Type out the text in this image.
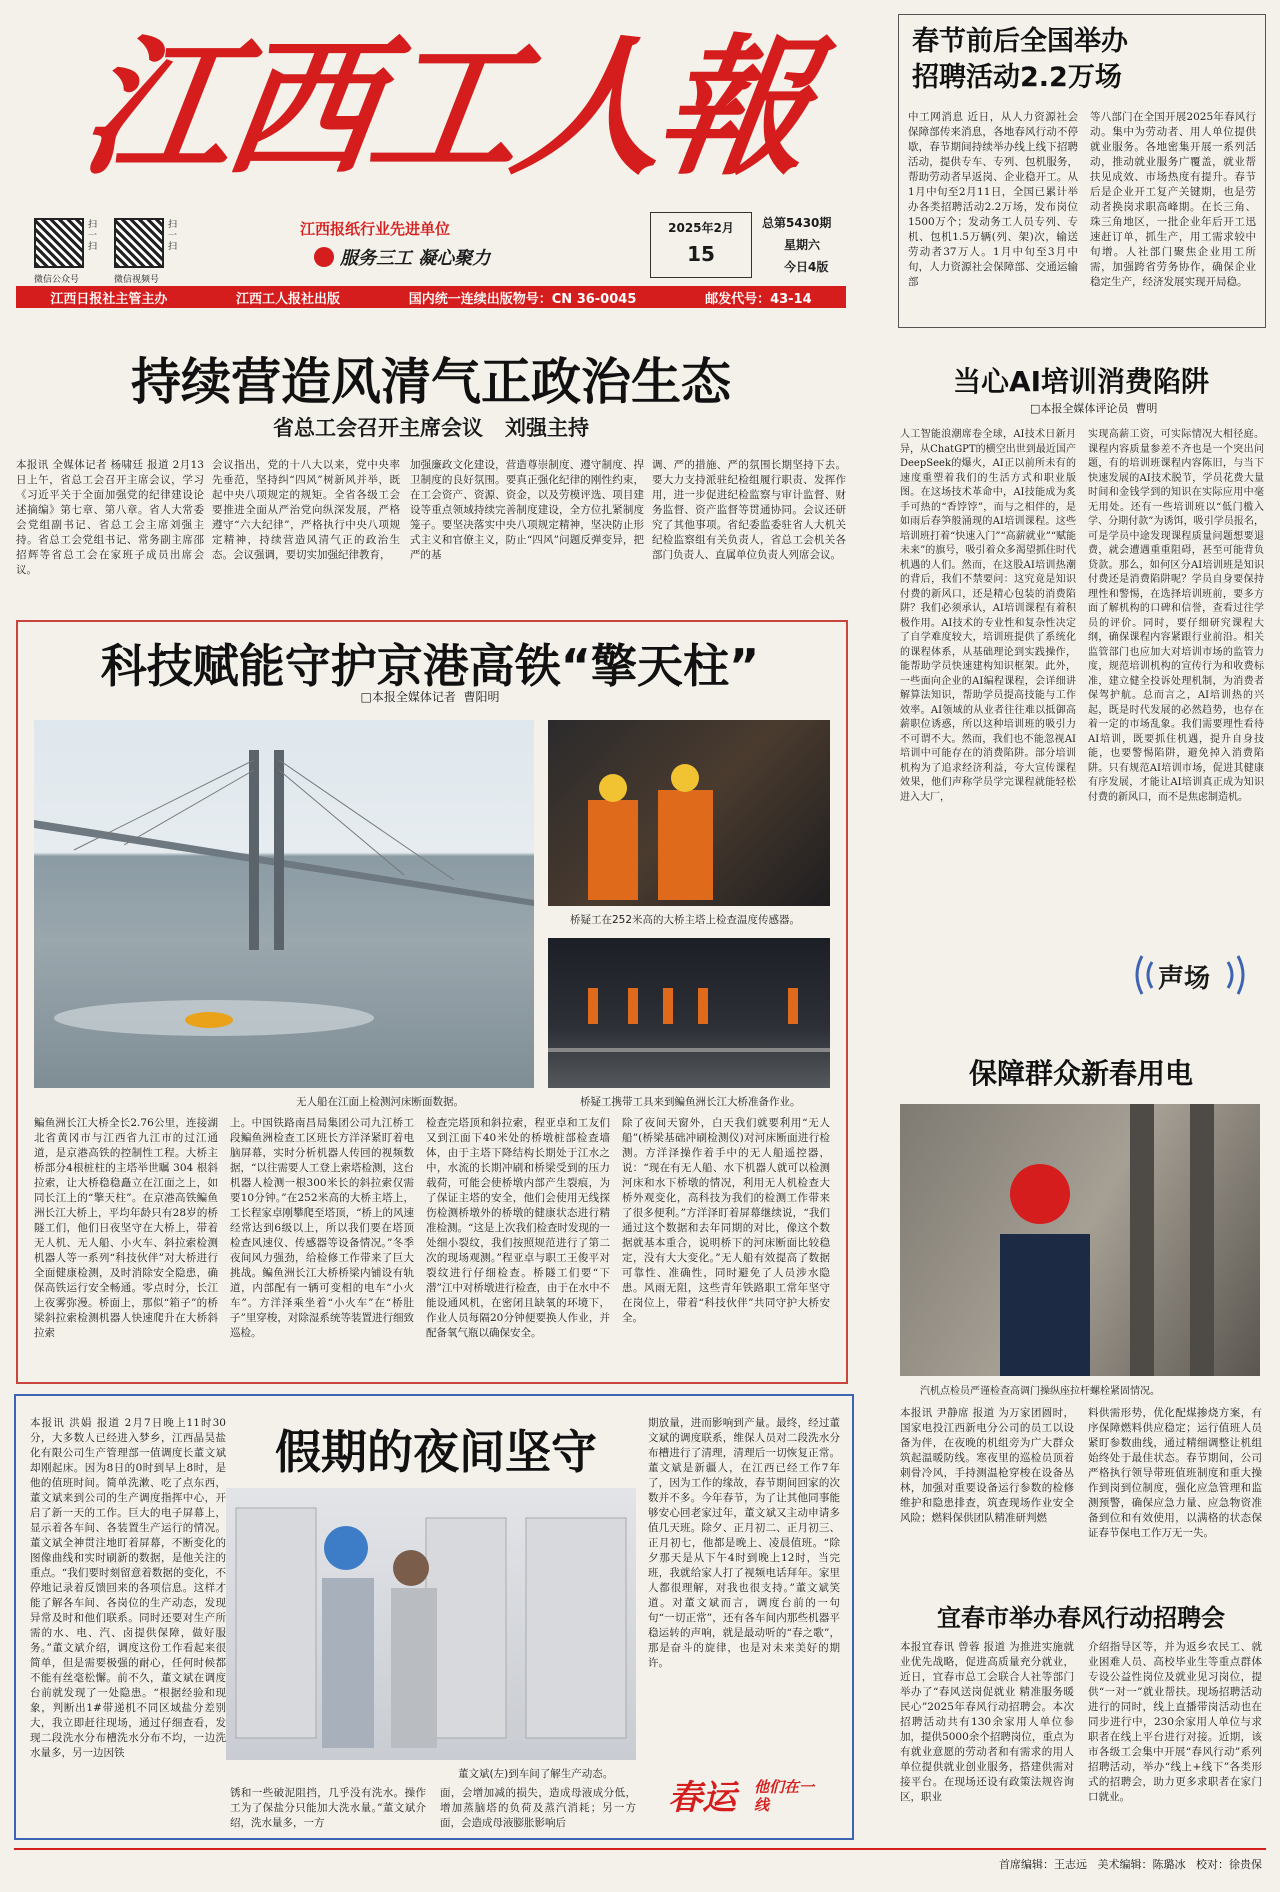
江西工人報
微信公众号
扫一扫
微信视频号
扫一扫
江西报纸行业先进单位
服务三工 凝心聚力
2025年2月
15
总第5430期
星期六
今日4版
江西日报社主管主办	江西工人报社出版	国内统一连续出版物号：CN 36-0045	邮发代号：43-14
持续营造风清气正政治生态
省总工会召开主席会议   刘强主持
本报讯 全媒体记者 杨啸廷 报道 2月13日上午，省总工会召开主席会议，学习《习近平关于全面加强党的纪律建设论述摘编》第七章、第八章。省人大常委会党组副书记、省总工会主席刘强主持。省总工会党组书记、常务副主席邵招辉等省总工会在家班子成员出席会议。
会议指出，党的十八大以来，党中央率先垂范，坚持纠“四风”树新风并举，既起中央八项规定的规矩。全省各级工会要推进全面从严治党向纵深发展，严格遵守“六大纪律”，严格执行中央八项规定精神，持续营造风清气正的政治生态。会议强调，要切实加强纪律教育，
加强廉政文化建设，营造尊崇制度、遵守制度、捍卫制度的良好氛围。要真正强化纪律的刚性约束，在工会资产、资源、资金，以及劳模评选、项目建设等重点领域持续完善制度建设，全方位扎紧制度笼子。要坚决落实中央八项规定精神，坚决防止形式主义和官僚主义，防止“四风”问题反弹变异，把严的基
调、严的措施、严的氛围长期坚持下去。要大力支持派驻纪检组履行职责、发挥作用，进一步促进纪检监察与审计监督、财务监督、资产监督等贯通协同。会议还研究了其他事项。省纪委监委驻省人大机关纪检监察组有关负责人，省总工会机关各部门负责人、直属单位负责人列席会议。
科技赋能守护京港高铁“擎天柱”
□本报全媒体记者  曹阳明
桥疑工在252米高的大桥主塔上检查温度传感器。
无人船在江面上检测河床断面数据。	桥疑工携带工具来到鳊鱼洲长江大桥准备作业。
鳊鱼洲长江大桥全长2.76公里，连接湖北省黄冈市与江西省九江市的过江通道，是京港高铁的控制性工程。大桥主桥部分4根桩柱的主塔举世瞩 304 根斜拉索，让大桥稳稳矗立在江面之上，如同长江上的“擎天柱”。在京港高铁鳊鱼洲长江大桥上，平均年龄只有28岁的桥隧工们，他们日夜坚守在大桥上，带着无人机、无人船、小火车、斜拉索检测机器人等一系列“科技伙伴”对大桥进行全面健康检测，及时消除安全隐患，确保高铁运行安全畅通。零点时分，长江上夜雾弥漫。桥面上，那似“箱子”的桥梁斜拉索检测机器人快速爬升在大桥斜拉索
上。中国铁路南昌局集团公司九江桥工段鳊鱼洲检查工区班长方洋泽紧盯着电脑屏幕，实时分析机器人传回的视频数据，“以往需要人工登上索塔检测，这台机器人检测一根300米长的斜拉索仅需要10分钟。”在252米高的大桥主塔上，工长程家卓刚攀爬至塔顶，“桥上的风速经常达到6级以上，所以我们要在塔顶检查风速仪、传感器等设备情况。”冬季夜间风力强劲，给检修工作带来了巨大挑战。鳊鱼洲长江大桥桥梁内铺设有轨道，内部配有一辆可变相的电车“小火车”。方洋泽乘坐着“小火车”在“桥肚子”里穿梭，对除湿系统等装置进行细致巡检。
检查完塔顶和斜拉索，程亚卓和工友们又到江面下40米处的桥墩桩部检查墙体，由于主塔下降结构长期处于江水之中，水流的长期冲刷和桥梁受到的压力载荷，可能会使桥墩内部产生裂痕，为了保证主塔的安全，他们会使用无线探伤检测桥墩外的桥墩的健康状态进行精准检测。“这是上次我们检查时发现的一处细小裂纹，我们按照规范进行了第二次的现场观测。”程亚卓与职工王俊平对裂纹进行仔细检查。桥隧工们要“下潜”江中对桥墩进行检查，由于在水中不能设通风机，在密闭且缺氧的环境下，作业人员每隔20分钟便要换人作业，并配备氧气瓶以确保安全。
除了夜间天窗外，白天我们就要利用“无人船”(桥梁基础冲刷检测仪)对河床断面进行检测。方洋泽操作着手中的无人船遥控器，说：“现在有无人船、水下机器人就可以检测河床和水下桥墩的情况，利用无人机检查大桥外观变化，高科技为我们的检测工作带来了很多便利。”方洋泽盯着屏幕继续说，“我们通过这个数据和去年同期的对比，像这个数据就基本重合，说明桥下的河床断面比较稳定，没有大大变化。”无人船有效提高了数据可靠性、准确性，同时避免了人员涉水隐患。风雨无阻，这些青年铁路职工常年坚守在岗位上，带着“科技伙伴”共同守护大桥安全。
本报讯 洪娟 报道 2月7日晚上11时30分，大多数人已经进入梦乡，江西晶昊盐化有限公司生产管理部一值调度长董文斌却刚起床。因为8日的0时到早上8时，是他的值班时间。简单洗漱、吃了点东西，董文斌来到公司的生产调度指挥中心，开启了新一天的工作。巨大的电子屏幕上，显示着各车间、各装置生产运行的情况。董文斌全神贯注地盯着屏幕，不断变化的图像曲线和实时刷新的数据，是他关注的重点。“我们要时刻留意着数据的变化，不停地记录着反馈回来的各项信息。这样才能了解各车间、各岗位的生产动态，发现异常及时和他们联系。同时还要对生产所需的水、电、汽、卤提供保障，做好服务。”董文斌介绍，调度这份工作看起来很简单，但是需要极强的耐心，任何时候都不能有丝毫松懈。前不久，董文斌在调度台前就发现了一处隐患。“根据经验和现象，判断出1#带递机不同区域盐分差别大，我立即赶往现场，通过仔细查看，发现二段洗水分布槽洗水分布不均，一边洗水量多，另一边因铁
假期的夜间坚守
董文斌(左)到车间了解生产动态。
锈和一些破泥阻挡，几乎没有洗水。操作工为了保盐分只能加大洗水量。”董文斌介绍，洗水量多，一方
面，会增加减的损失，造成母液成分低，增加蒸脑塔的负荷及蒸汽消耗；另一方面，会造成母液膨胀影响后
期放量，进而影响到产量。最终，经过董文斌的调度联系，维保人员对二段洗水分布槽进行了清理，清理后一切恢复正常。董文斌是新疆人，在江西已经工作7年了，因为工作的缘故，春节期间回家的次数并不多。今年春节，为了让其他同事能够安心回老家过年，董文斌又主动申请多值几天班。除夕、正月初二、正月初三、正月初七，他都是晚上、凌晨值班。“除夕那天是从下午4时到晚上12时，当完班，我就给家人打了视频电话拜年。家里人都很理解，对我也很支持。”董文斌笑道。对董文斌而言，调度台前的一句句“一切正常”，还有各车间内那些机器平稳运转的声响，就是最动听的“春之歌”，那是奋斗的旋律，也是对未来美好的期许。
春运 他们在一线
春节前后全国举办招聘活动2.2万场
中工网消息 近日，从人力资源社会保障部传来消息，各地春风行动不停歇，春节期间持续举办线上线下招聘活动，提供专车、专列、包机服务，帮助劳动者早返岗、企业稳开工。从1月中旬至2月11日，全国已累计举办各类招聘活动2.2万场，发布岗位1500万个；发动务工人员专列、专机、包机1.5万辆(列、架)次，输送劳动者37万人。1月中旬至3月中旬，人力资源社会保障部、交通运输部
等八部门在全国开展2025年春风行动。集中为劳动者、用人单位提供就业服务。各地密集开展一系列活动，推动就业服务广覆盖，就业帮扶见成效、市场热度有提升。春节后是企业开工复产关键期，也是劳动者换岗求职高峰期。在长三角、珠三角地区，一批企业年后开工迅速赶订单，抓生产，用工需求较中旬增。人社部门聚焦企业用工所需，加强跨省劳务协作，确保企业稳定生产，经济发展实现开局稳。
当心AI培训消费陷阱
□本报全媒体评论员  曹明
人工智能浪潮席卷全球，AI技术日新月异，从ChatGPT的横空出世到最近国产DeepSeek的爆火，AI正以前所未有的速度重塑着我们的生活方式和职业版图。在这场技术革命中，AI技能成为炙手可热的“香饽饽”，而与之相伴的，是如雨后春笋般涌现的AI培训课程。这些培训班打着“快速入门”“高薪就业”“赋能未来”的旗号，吸引着众多渴望抓住时代机遇的人们。然而，在这股AI培训热潮的背后，我们不禁要问：这究竟是知识付费的新风口，还是精心包装的消费陷阱？我们必须承认，AI培训课程有着积极作用。AI技术的专业性和复杂性决定了自学难度较大，培训班提供了系统化的课程体系，从基础理论到实践操作，能帮助学员快速建构知识框架。此外，一些面向企业的AI编程课程，会详细讲解算法知识，帮助学员提高技能与工作效率。AI领域的从业者往往难以抵御高薪职位诱惑，所以这种培训班的吸引力不可谓不大。然而，我们也不能忽视AI培训中可能存在的消费陷阱。部分培训机构为了追求经济利益，夸大宣传课程效果，他们声称学员学完课程就能轻松进入大厂，
实现高薪工资，可实际情况大相径庭。课程内容质量参差不齐也是一个突出问题，有的培训班课程内容陈旧，与当下快速发展的AI技术脱节，学员花费大量时间和金钱学到的知识在实际应用中毫无用处。还有一些培训班以“低门槛入学、分期付款”为诱饵，吸引学员报名，可是学员中途发现课程质量问题想要退费，就会遭遇重重阻碍，甚至可能背负贷款。那么，如何区分AI培训班是知识付费还是消费陷阱呢？学员自身要保持理性和警惕，在选择培训班前，要多方面了解机构的口碑和信誉，查看过往学员的评价。同时，要仔细研究课程大纲，确保课程内容紧跟行业前沿。相关监管部门也应加大对培训市场的监管力度，规范培训机构的宣传行为和收费标准，建立健全投诉处理机制，为消费者保驾护航。总而言之，AI培训热的兴起，既是时代发展的必然趋势，也存在着一定的市场乱象。我们需要理性看待AI培训，既要抓住机遇，提升自身技能，也要警惕陷阱，避免掉入消费陷阱。只有规范AI培训市场，促进其健康有序发展，才能让AI培训真正成为知识付费的新风口，而不是焦虑制造机。
声场
保障群众新春用电
汽机点检员严谨检查高调门操纵座拉杆螺栓紧固情况。
本报讯 尹静席 报道 为万家团圆时，国家电投江西新电分公司的员工以设备为伴，在夜晚的机组旁为广大群众筑起温暖防线。寒夜里的巡检员顶着刺骨冷风，手持测温枪穿梭在设备丛林，加强对重要设备运行参数的检修维护和隐患排查，筑查现场作业安全风险；燃料保供团队精准研判燃
料供需形势，优化配煤掺烧方案，有序保障燃料供应稳定；运行值班人员紧盯参数曲线，通过精细调整让机组始终处于最佳状态。春节期间，公司严格执行领导带班值班制度和重大操作到岗到位制度，强化应急管理和监测预警，确保应急力量、应急物资准备到位和有效使用，以满格的状态保证春节保电工作万无一失。
宜春市举办春风行动招聘会
本报宜春讯 曾蓉 报道 为推进实施就业优先战略，促进高质量充分就业，近日，宜春市总工会联合人社等部门举办了“春风送岗促就业 精准服务暖民心”2025年春风行动招聘会。本次招聘活动共有130余家用人单位参加，提供5000余个招聘岗位，重点为有就业意愿的劳动者和有需求的用人单位提供就业创业服务，搭建供需对接平台。在现场还设有政策法规咨询区，职业
介绍指导区等，并为返乡农民工、就业困难人员、高校毕业生等重点群体专设公益性岗位及就业见习岗位，提供“一对一”就业帮扶。现场招聘活动进行的同时，线上直播带岗活动也在同步进行中，230余家用人单位与求职者在线上平台进行对接。近期，该市各级工会集中开展“春风行动”系列招聘活动，举办“线上+线下”各类形式的招聘会，助力更多求职者在家门口就业。
首席编辑：王志远   美术编辑：陈璐冰   校对：徐贵保
